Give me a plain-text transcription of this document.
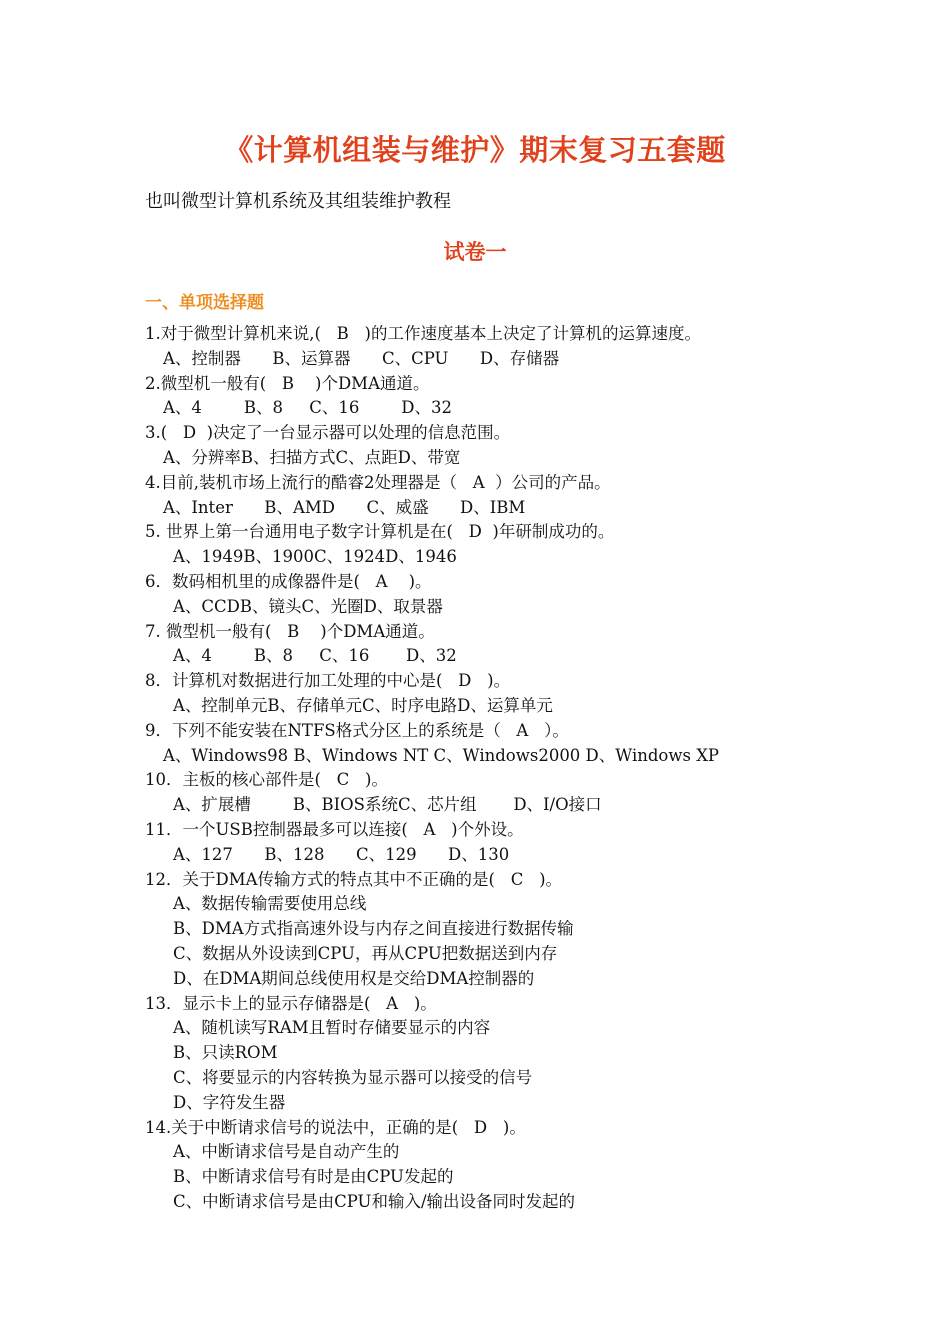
《计算机组装与维护》期末复习五套题
也叫微型计算机系统及其组装维护教程
试卷一
一、单项选择题
1.对于微型计算机来说,(   B   )的工作速度基本上决定了计算机的运算速度。
A、控制器      B、运算器      C、CPU      D、存储器
2.微型机一般有(   B    )个DMA通道。
A、4        B、8     C、16        D、32
3.(   D  )决定了一台显示器可以处理的信息范围。
A、分辨率B、扫描方式C、点距D、带宽
4.目前,装机市场上流行的酷睿2处理器是（   A  ）公司的产品。
A、Inter      B、AMD      C、威盛      D、IBM
5. 世界上第一台通用电子数字计算机是在(   D  )年研制成功的。
A、1949B、1900C、1924D、1946
6．数码相机里的成像器件是(   A    )。
A、CCDB、镜头C、光圈D、取景器
7. 微型机一般有(   B    )个DMA通道。
A、4        B、8     C、16       D、32
8．计算机对数据进行加工处理的中心是(   D   )。
A、控制单元B、存储单元C、时序电路D、运算单元
9．下列不能安装在NTFS格式分区上的系统是（   A   ）。
A、Windows98 B、Windows NT C、Windows2000 D、Windows XP
10．主板的核心部件是(   C   )。
A、扩展槽        B、BIOS系统C、芯片组       D、I/O接口
11．一个USB控制器最多可以连接(   A   )个外设。
A、127      B、128      C、129      D、130
12．关于DMA传输方式的特点其中不正确的是(   C   )。
A、数据传输需要使用总线
B、DMA方式指高速外设与内存之间直接进行数据传输
C、数据从外设读到CPU，再从CPU把数据送到内存
D、在DMA期间总线使用权是交给DMA控制器的
13．显示卡上的显示存储器是(   A   )。
A、随机读写RAM且暂时存储要显示的内容
B、只读ROM
C、将要显示的内容转换为显示器可以接受的信号
D、字符发生器
14.关于中断请求信号的说法中，正确的是(   D   )。
A、中断请求信号是自动产生的
B、中断请求信号有时是由CPU发起的
C、中断请求信号是由CPU和输入/输出设备同时发起的
